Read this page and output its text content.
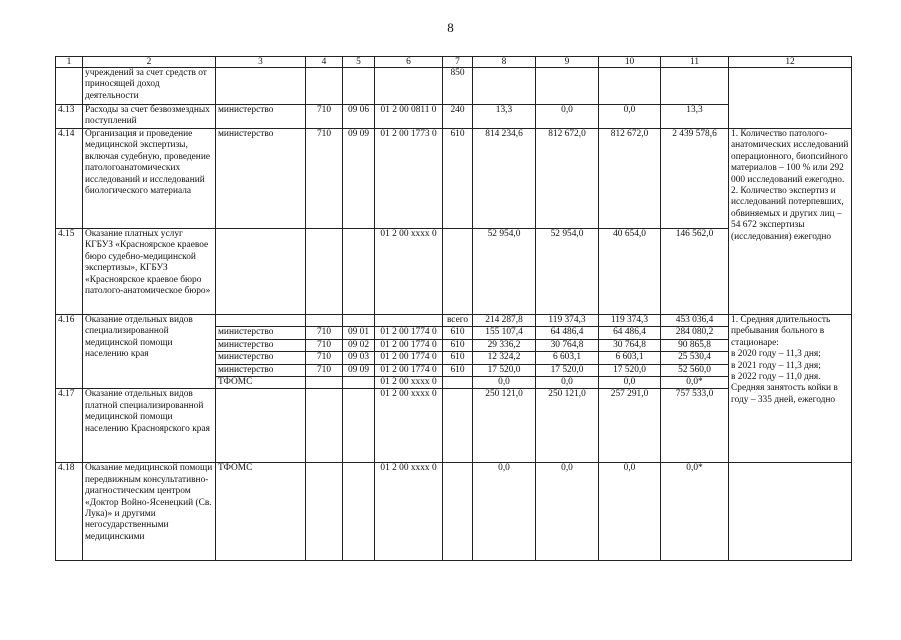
8
1	2	3	4	5	6	7	8	9	10	11	12
	учреждений за счет средств от приносящей доход деятельности					850					
4.13	Расходы за счет безвозмездных поступлений	министерство	710	09 06	01 2 00 0811 0	240	13,3	0,0	0,0	13,3	
4.14	Организация и проведение медицинской экспертизы, включая судебную, проведение патологоанатомических исследований и исследований биологического материала	министерство	710	09 09	01 2 00 1773 0	610	814 234,6	812 672,0	812 672,0	2 439 578,6	1. Количество патолого-анатомических исследований операционного, биопсийного материалов – 100 % или 292 000 исследований ежегодно.
2. Количество экспертиз и исследований потерпевших, обвиняемых и других лиц – 54 672 экспертизы (исследования) ежегодно
4.15	Оказание платных услуг КГБУЗ «Красноярское краевое бюро судебно-медицинской экспертизы», КГБУЗ «Красноярское краевое бюро патолого-анатомическое бюро»				01 2 00 xxxx 0		52 954,0	52 954,0	40 654,0	146 562,0	
4.16	Оказание отдельных видов специализированной медицинской помощи населению края					всего	214 287,8	119 374,3	119 374,3	453 036,4	1. Средняя длительность пребывания больного в стационаре:
в 2020 году – 11,3 дня;
в 2021 году – 11,3 дня;
в 2022 году – 11,0 дня.
Средняя занятость койки в году – 335 дней, ежегодно
		министерство	710	09 01	01 2 00 1774 0	610	155 107,4	64 486,4	64 486,4	284 080,2	
		министерство	710	09 02	01 2 00 1774 0	610	29 336,2	30 764,8	30 764,8	90 865,8	
		министерство	710	09 03	01 2 00 1774 0	610	12 324,2	6 603,1	6 603,1	25 530,4	
		министерство	710	09 09	01 2 00 1774 0	610	17 520,0	17 520,0	17 520,0	52 560,0	
		ТФОМС			01 2 00 xxxx 0		0,0	0,0	0,0	0,0*	
4.17	Оказание отдельных видов платной специализированной медицинской помощи населению Красноярского края				01 2 00 xxxx 0		250 121,0	250 121,0	257 291,0	757 533,0	
4.18	Оказание медицинской помощи передвижным консультативно-диагностическим центром «Доктор Войно-Ясенецкий (Св. Лука)» и другими негосударственными медицинскими	ТФОМС			01 2 00 xxxx 0		0,0	0,0	0,0	0,0*	
